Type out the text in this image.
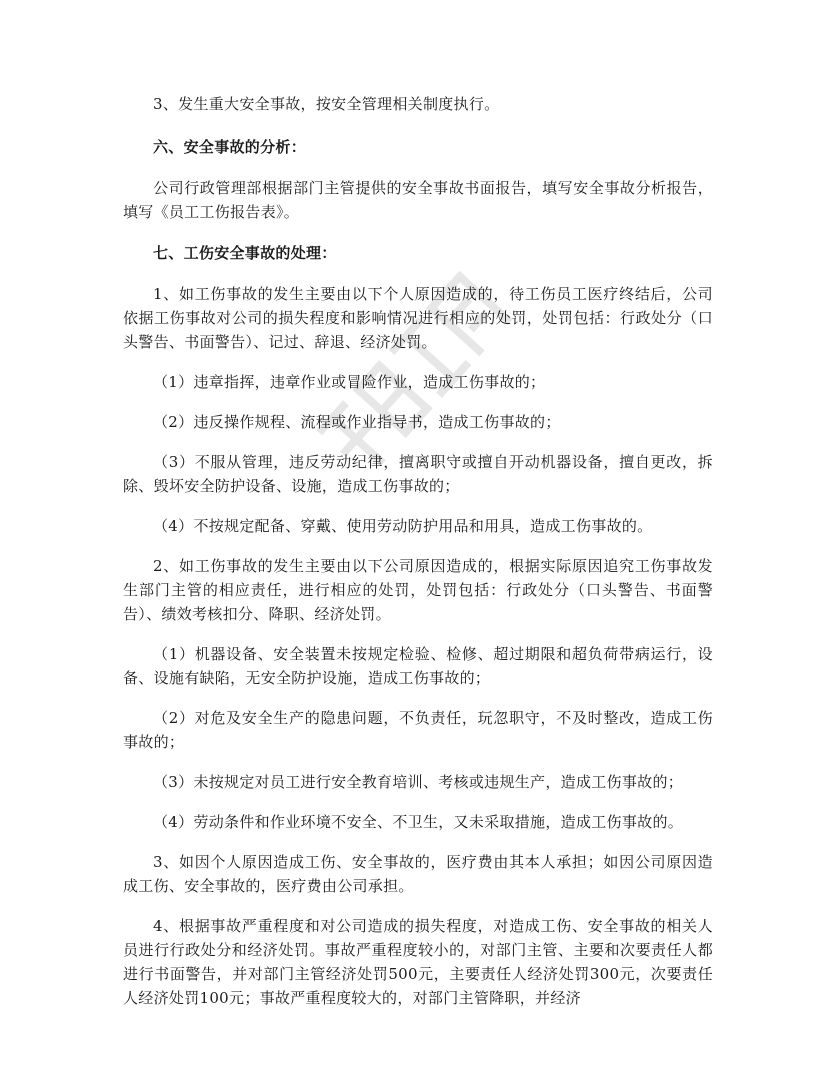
3、发生重大安全事故，按安全管理相关制度执行。

六、安全事故的分析：

公司行政管理部根据部门主管提供的安全事故书面报告，填写安全事故分析报告，填写《员工工伤报告表》。

七、工伤安全事故的处理：

1、如工伤事故的发生主要由以下个人原因造成的，待工伤员工医疗终结后，公司依据工伤事故对公司的损失程度和影响情况进行相应的处罚，处罚包括：行政处分（口头警告、书面警告）、记过、辞退、经济处罚。

（1）违章指挥，违章作业或冒险作业，造成工伤事故的；

（2）违反操作规程、流程或作业指导书，造成工伤事故的；

（3）不服从管理，违反劳动纪律，擅离职守或擅自开动机器设备，擅自更改，拆除、毁坏安全防护设备、设施，造成工伤事故的；

（4）不按规定配备、穿戴、使用劳动防护用品和用具，造成工伤事故的。

2、如工伤事故的发生主要由以下公司原因造成的，根据实际原因追究工伤事故发生部门主管的相应责任，进行相应的处罚，处罚包括：行政处分（口头警告、书面警告）、绩效考核扣分、降职、经济处罚。

（1）机器设备、安全装置未按规定检验、检修、超过期限和超负荷带病运行，设备、设施有缺陷，无安全防护设施，造成工伤事故的；

（2）对危及安全生产的隐患问题，不负责任，玩忽职守，不及时整改，造成工伤事故的；

（3）未按规定对员工进行安全教育培训、考核或违规生产，造成工伤事故的；

（4）劳动条件和作业环境不安全、不卫生，又未采取措施，造成工伤事故的。

3、如因个人原因造成工伤、安全事故的，医疗费由其本人承担；如因公司原因造成工伤、安全事故的，医疗费由公司承担。

4、根据事故严重程度和对公司造成的损失程度，对造成工伤、安全事故的相关人员进行行政处分和经济处罚。事故严重程度较小的，对部门主管、主要和次要责任人都进行书面警告，并对部门主管经济处罚500元，主要责任人经济处罚300元，次要责任人经济处罚100元；事故严重程度较大的，对部门主管降职，并经济
